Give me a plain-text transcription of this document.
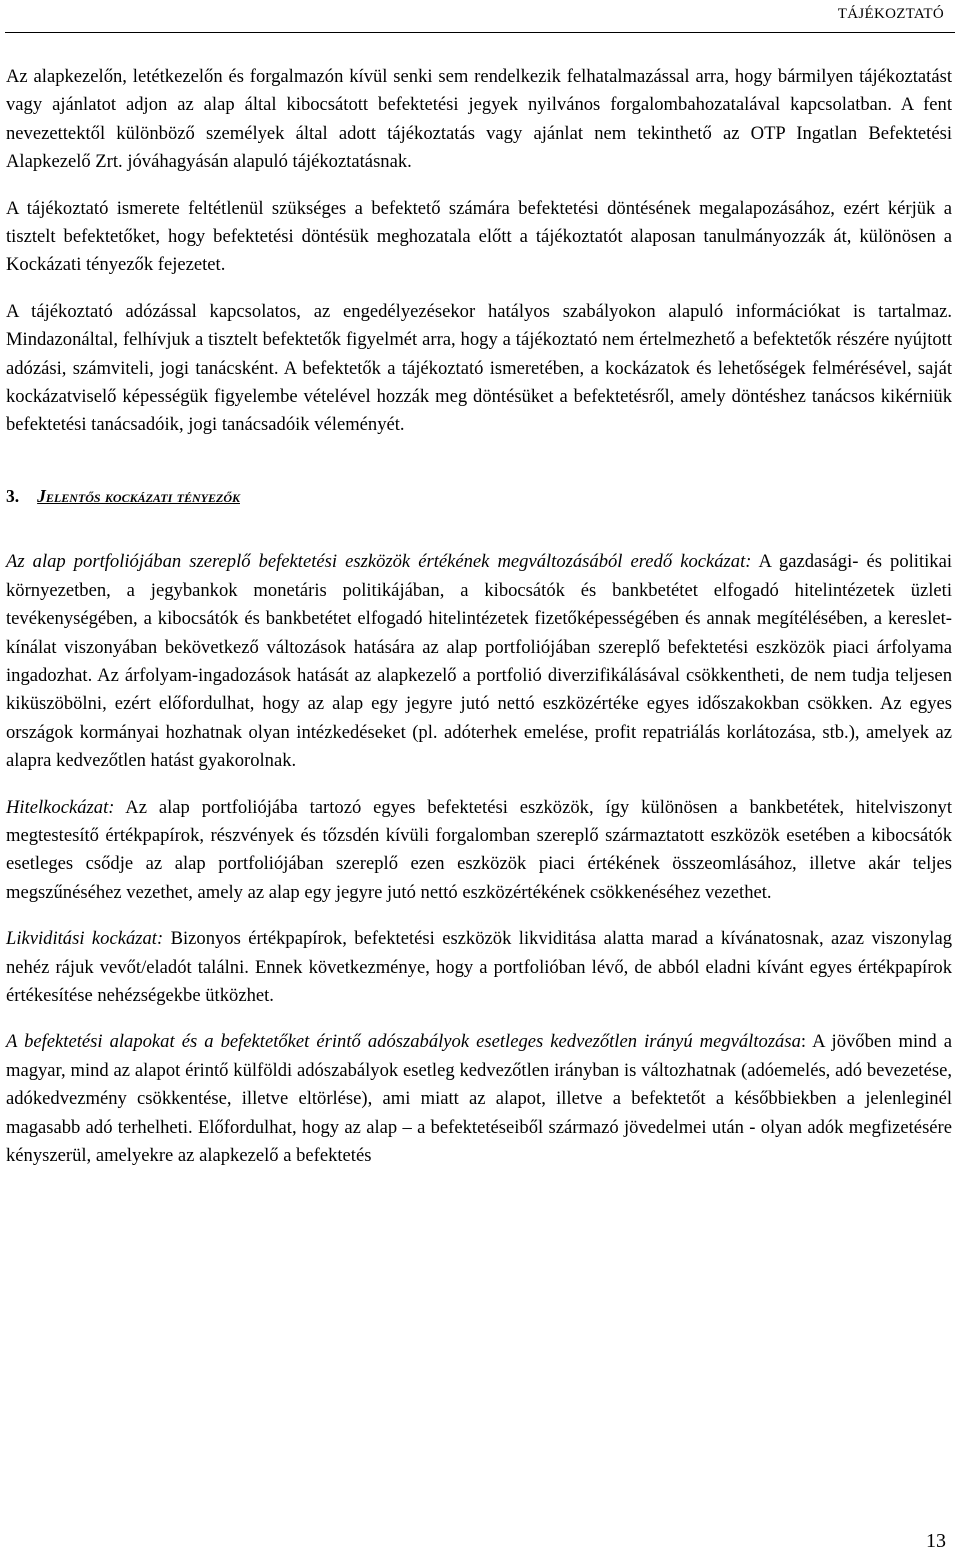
TÁJÉKOZTATÓ

Az alapkezelőn, letétkezelőn és forgalmazón kívül senki sem rendelkezik felhatalmazással arra, hogy bármilyen tájékoztatást vagy ajánlatot adjon az alap által kibocsátott befektetési jegyek nyilvános forgalombahozatalával kapcsolatban. A fent nevezettektől különböző személyek által adott tájékoztatás vagy ajánlat nem tekinthető az OTP Ingatlan Befektetési Alapkezelő Zrt. jóváhagyásán alapuló tájékoztatásnak.

A tájékoztató ismerete feltétlenül szükséges a befektető számára befektetési döntésének megalapozásához, ezért kérjük a tisztelt befektetőket, hogy befektetési döntésük meghozatala előtt a tájékoztatót alaposan tanulmányozzák át, különösen a Kockázati tényezők fejezetet.

A tájékoztató adózással kapcsolatos, az engedélyezésekor hatályos szabályokon alapuló információkat is tartalmaz. Mindazonáltal, felhívjuk a tisztelt befektetők figyelmét arra, hogy a tájékoztató nem értelmezhető a befektetők részére nyújtott adózási, számviteli, jogi tanácsként. A befektetők a tájékoztató ismeretében, a kockázatok és lehetőségek felmérésével, saját kockázatviselő képességük figyelembe vételével hozzák meg döntésüket a befektetésről, amely döntéshez tanácsos kikérniük befektetési tanácsadóik, jogi tanácsadóik véleményét.

3. Jelentős kockázati tényezők

Az alap portfoliójában szereplő befektetési eszközök értékének megváltozásából eredő kockázat: A gazdasági- és politikai környezetben, a jegybankok monetáris politikájában, a kibocsátók és bankbetétet elfogadó hitelintézetek üzleti tevékenységében, a kibocsátók és bankbetétet elfogadó hitelintézetek fizetőképességében és annak megítélésében, a kereslet-kínálat viszonyában bekövetkező változások hatására az alap portfoliójában szereplő befektetési eszközök piaci árfolyama ingadozhat. Az árfolyam-ingadozások hatását az alapkezelő a portfolió diverzifikálásával csökkentheti, de nem tudja teljesen kiküszöbölni, ezért előfordulhat, hogy az alap egy jegyre jutó nettó eszközértéke egyes időszakokban csökken. Az egyes országok kormányai hozhatnak olyan intézkedéseket (pl. adóterhek emelése, profit repatriálás korlátozása, stb.), amelyek az alapra kedvezőtlen hatást gyakorolnak.

Hitelkockázat: Az alap portfoliójába tartozó egyes befektetési eszközök, így különösen a bankbetétek, hitelviszonyt megtestesítő értékpapírok, részvények és tőzsdén kívüli forgalomban szereplő származtatott eszközök esetében a kibocsátók esetleges csődje az alap portfoliójában szereplő ezen eszközök piaci értékének összeomlásához, illetve akár teljes megszűnéséhez vezethet, amely az alap egy jegyre jutó nettó eszközértékének csökkenéséhez vezethet.

Likviditási kockázat: Bizonyos értékpapírok, befektetési eszközök likviditása alatta marad a kívánatosnak, azaz viszonylag nehéz rájuk vevőt/eladót találni. Ennek következménye, hogy a portfolióban lévő, de abból eladni kívánt egyes értékpapírok értékesítése nehézségekbe ütközhet.

A befektetési alapokat és a befektetőket érintő adószabályok esetleges kedvezőtlen irányú megváltozása: A jövőben mind a magyar, mind az alapot érintő külföldi adószabályok esetleg kedvezőtlen irányban is változhatnak (adóemelés, adó bevezetése, adókedvezmény csökkentése, illetve eltörlése), ami miatt az alapot, illetve a befektetőt a későbbiekben a jelenleginél magasabb adó terhelheti. Előfordulhat, hogy az alap – a befektetéseiből származó jövedelmei után - olyan adók megfizetésére kényszerül, amelyekre az alapkezelő a befektetés

13
